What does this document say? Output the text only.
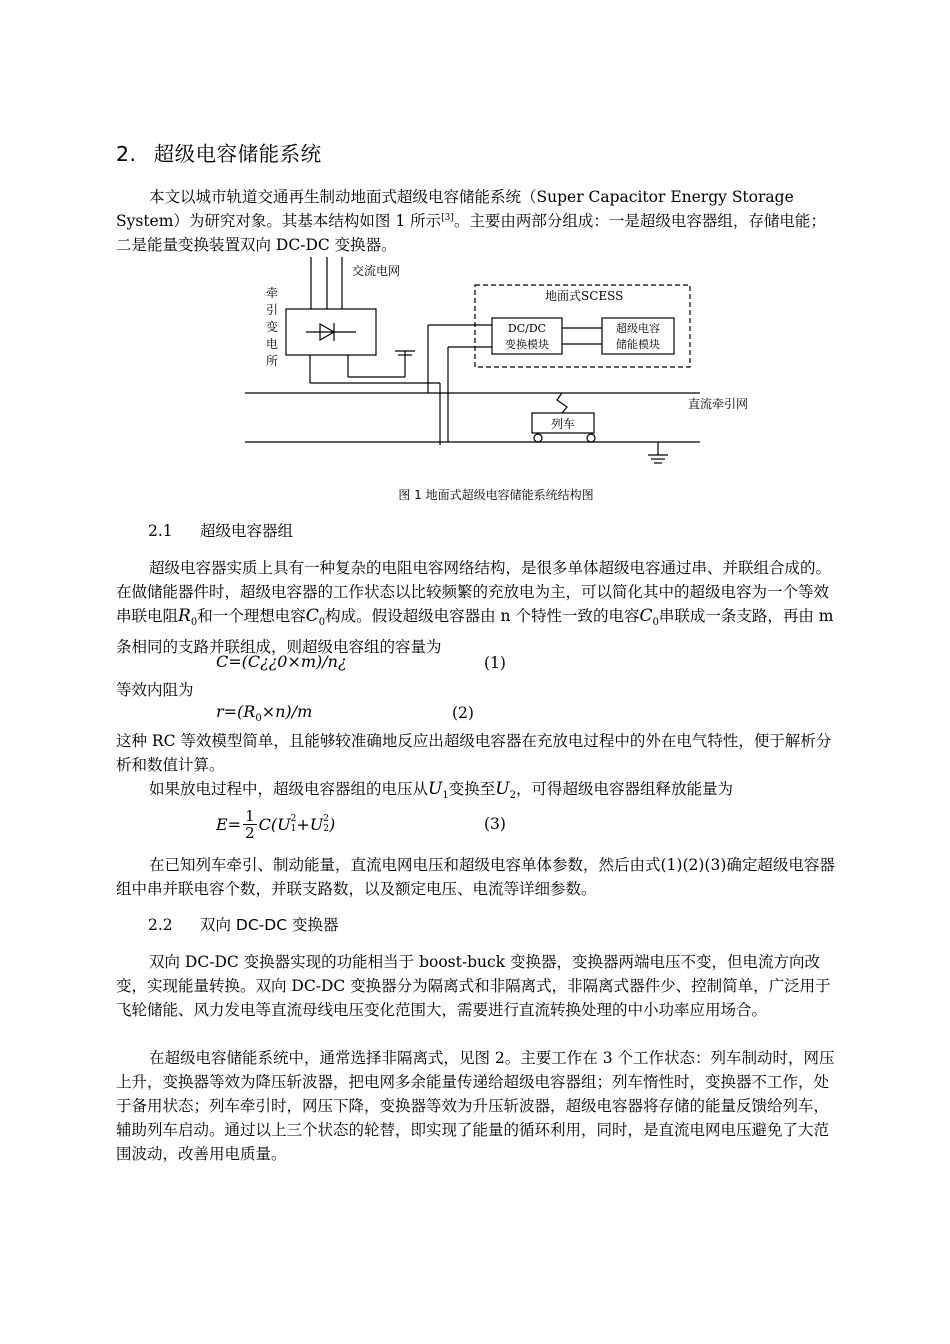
2. 超级电容储能系统

本文以城市轨道交通再生制动地面式超级电容储能系统（Super Capacitor Energy Storage System）为研究对象。其基本结构如图 1 所示[3]。主要由两部分组成：一是超级电容器组，存储电能；二是能量变换装置双向 DC-DC 变换器。

交流电网
牵
引
变
电
所
直流牵引网
地面式SCESS
DC/DC
变换模块
超级电容
储能模块
列车

图 1 地面式超级电容储能系统结构图

2.1 超级电容器组

超级电容器实质上具有一种复杂的电阻电容网络结构，是很多单体超级电容通过串、并联组合成的。在做储能器件时，超级电容器的工作状态以比较频繁的充放电为主，可以简化其中的超级电容为一个等效串联电阻$R_0$和一个理想电容$C_0$构成。假设超级电容器由 n 个特性一致的电容$C_0$串联成一条支路，再由 m 条相同的支路并联组成，则超级电容组的容量为

C=(C¿¿0×m)/n¿	(1)

等效内阻为

$r=(R_0\times n)/m$	(2)

这种 RC 等效模型简单，且能够较准确地反应出超级电容器在充放电过程中的外在电气特性，便于解析分析和数值计算。

如果放电过程中，超级电容器组的电压从$U_1$变换至$U_2$，可得超级电容器组释放能量为

$E= \frac{1}{2} C(U$ 2
1 +U 2
2 )	(3)

在已知列车牵引、制动能量，直流电网电压和超级电容单体参数，然后由式(1)(2)(3)确定超级电容器组中串并联电容个数，并联支路数，以及额定电压、电流等详细参数。

2.2 双向 DC-DC 变换器

双向 DC-DC 变换器实现的功能相当于 boost-buck 变换器，变换器两端电压不变，但电流方向改变，实现能量转换。双向 DC-DC 变换器分为隔离式和非隔离式，非隔离式器件少、控制简单，广泛用于飞轮储能、风力发电等直流母线电压变化范围大，需要进行直流转换处理的中小功率应用场合。

在超级电容储能系统中，通常选择非隔离式，见图 2。主要工作在 3 个工作状态：列车制动时，网压上升，变换器等效为降压斩波器，把电网多余能量传递给超级电容器组；列车惰性时，变换器不工作，处于备用状态；列车牵引时，网压下降，变换器等效为升压斩波器，超级电容器将存储的能量反馈给列车，辅助列车启动。通过以上三个状态的轮替，即实现了能量的循环利用，同时，是直流电网电压避免了大范围波动，改善用电质量。
